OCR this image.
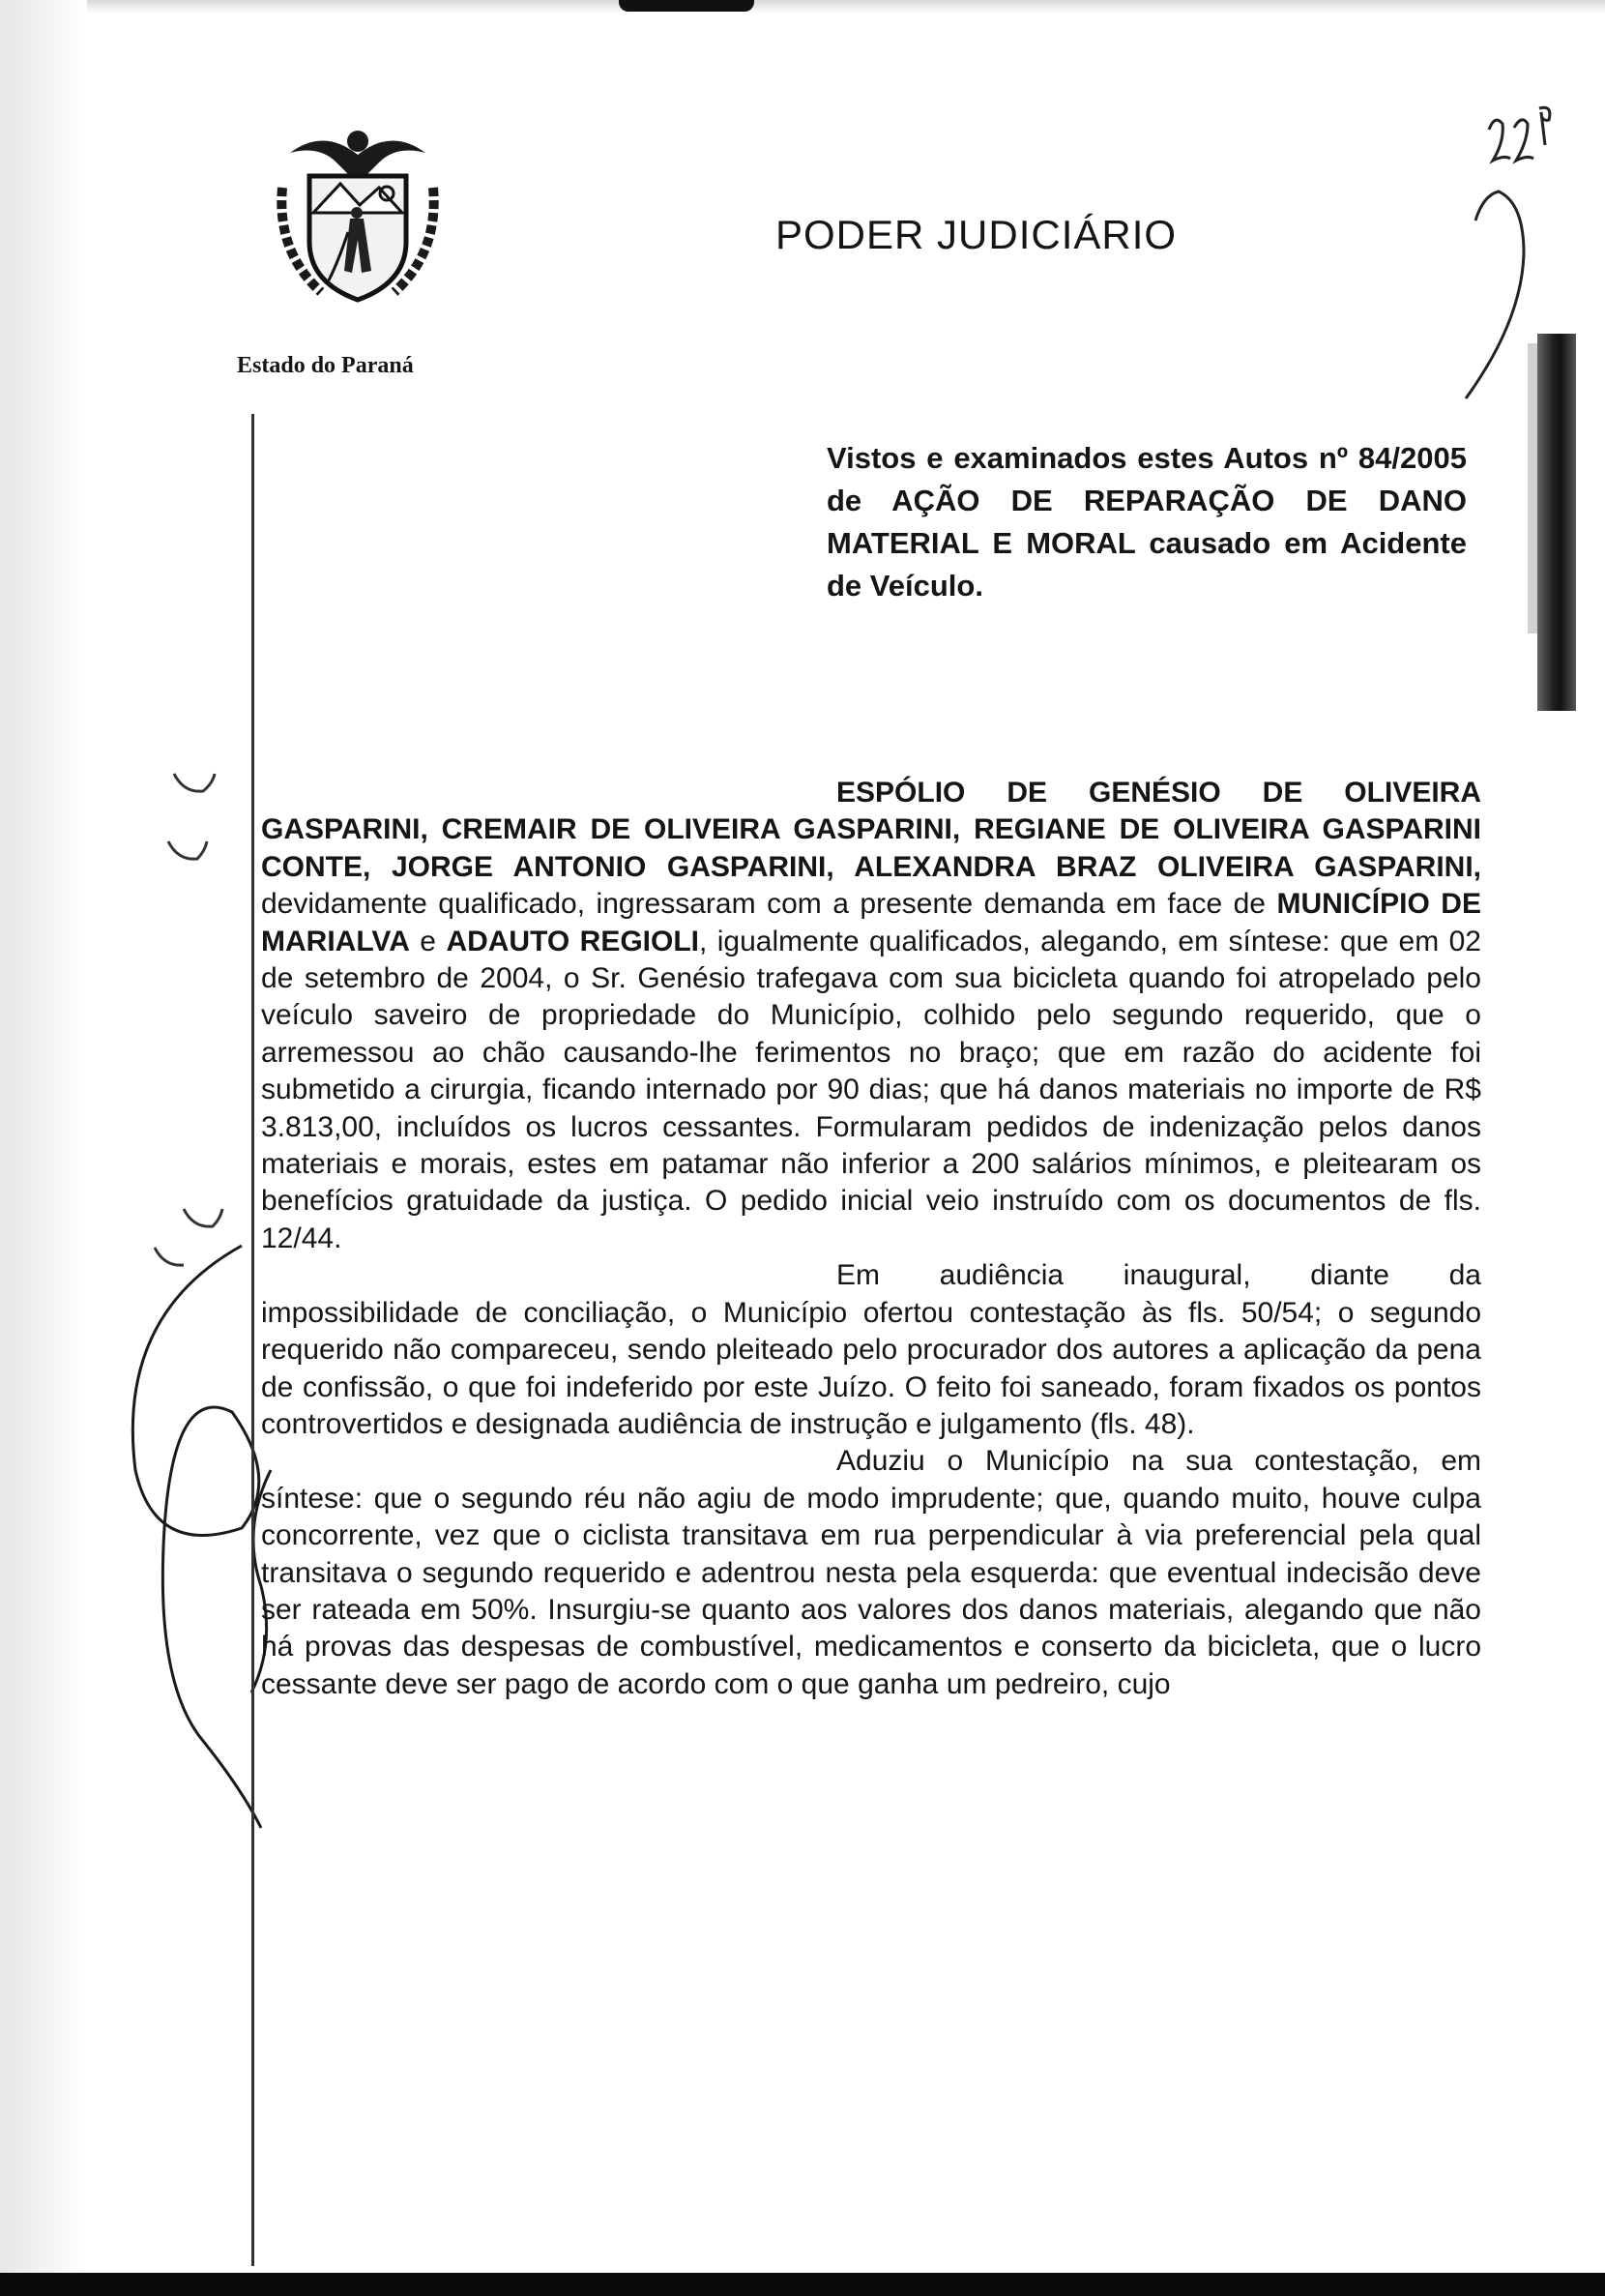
Estado do Paraná

PODER JUDICIÁRIO

Vistos e examinados estes Autos nº 84/2005 de AÇÃO DE REPARAÇÃO DE DANO MATERIAL E MORAL causado em Acidente de Veículo.

ESPÓLIO DE GENÉSIO DE OLIVEIRA GASPARINI, CREMAIR DE OLIVEIRA GASPARINI, REGIANE DE OLIVEIRA GASPARINI CONTE, JORGE ANTONIO GASPARINI, ALEXANDRA BRAZ OLIVEIRA GASPARINI, devidamente qualificado, ingressaram com a presente demanda em face de MUNICÍPIO DE MARIALVA e ADAUTO REGIOLI, igualmente qualificados, alegando, em síntese: que em 02 de setembro de 2004, o Sr. Genésio trafegava com sua bicicleta quando foi atropelado pelo veículo saveiro de propriedade do Município, colhido pelo segundo requerido, que o arremessou ao chão causando-lhe ferimentos no braço; que em razão do acidente foi submetido a cirurgia, ficando internado por 90 dias; que há danos materiais no importe de R$ 3.813,00, incluídos os lucros cessantes. Formularam pedidos de indenização pelos danos materiais e morais, estes em patamar não inferior a 200 salários mínimos, e pleitearam os benefícios gratuidade da justiça. O pedido inicial veio instruído com os documentos de fls. 12/44.

Em audiência inaugural, diante da impossibilidade de conciliação, o Município ofertou contestação às fls. 50/54; o segundo requerido não compareceu, sendo pleiteado pelo procurador dos autores a aplicação da pena de confissão, o que foi indeferido por este Juízo. O feito foi saneado, foram fixados os pontos controvertidos e designada audiência de instrução e julgamento (fls. 48).

Aduziu o Município na sua contestação, em síntese: que o segundo réu não agiu de modo imprudente; que, quando muito, houve culpa concorrente, vez que o ciclista transitava em rua perpendicular à via preferencial pela qual transitava o segundo requerido e adentrou nesta pela esquerda: que eventual indecisão deve ser rateada em 50%. Insurgiu-se quanto aos valores dos danos materiais, alegando que não há provas das despesas de combustível, medicamentos e conserto da bicicleta, que o lucro cessante deve ser pago de acordo com o que ganha um pedreiro, cujo
